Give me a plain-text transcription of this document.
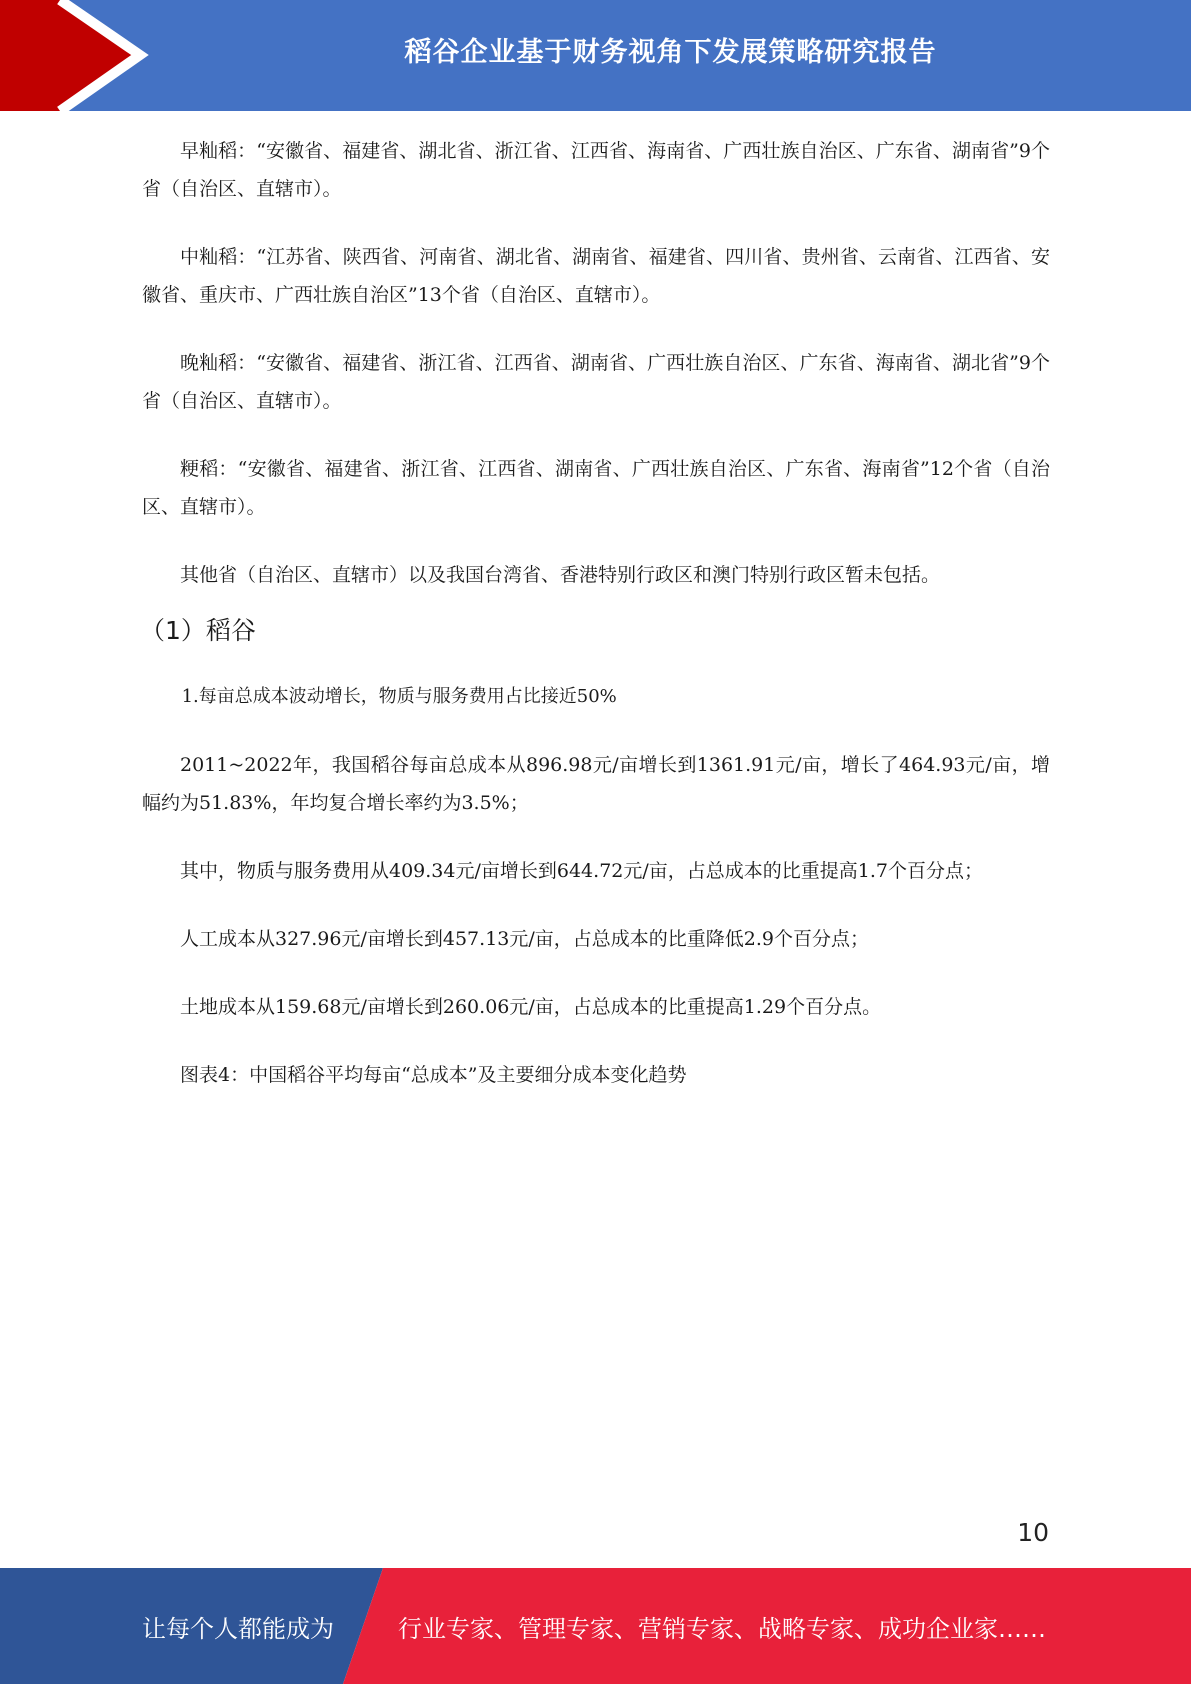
稻谷企业基于财务视角下发展策略研究报告

早籼稻：“安徽省、福建省、湖北省、浙江省、江西省、海南省、广西壮族自治区、广东省、湖南省”9个省（自治区、直辖市）。

中籼稻：“江苏省、陕西省、河南省、湖北省、湖南省、福建省、四川省、贵州省、云南省、江西省、安徽省、重庆市、广西壮族自治区”13个省（自治区、直辖市）。

晚籼稻：“安徽省、福建省、浙江省、江西省、湖南省、广西壮族自治区、广东省、海南省、湖北省”9个省（自治区、直辖市）。

粳稻：“安徽省、福建省、浙江省、江西省、湖南省、广西壮族自治区、广东省、海南省”12个省（自治区、直辖市）。

其他省（自治区、直辖市）以及我国台湾省、香港特别行政区和澳门特别行政区暂未包括。

（1）稻谷

1.每亩总成本波动增长，物质与服务费用占比接近50%

2011~2022年，我国稻谷每亩总成本从896.98元/亩增长到1361.91元/亩，增长了464.93元/亩，增幅约为51.83%，年均复合增长率约为3.5%；

其中，物质与服务费用从409.34元/亩增长到644.72元/亩，占总成本的比重提高1.7个百分点；

人工成本从327.96元/亩增长到457.13元/亩，占总成本的比重降低2.9个百分点；

土地成本从159.68元/亩增长到260.06元/亩，占总成本的比重提高1.29个百分点。

图表4：中国稻谷平均每亩“总成本”及主要细分成本变化趋势

10
让每个人都能成为	行业专家、管理专家、营销专家、战略专家、成功企业家……
